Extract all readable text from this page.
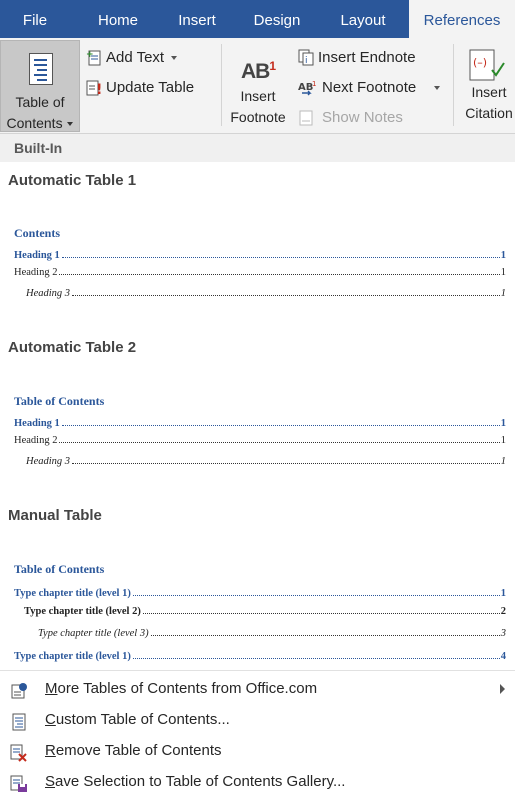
File	Home	Insert	Design	Layout	References
Table of
Contents
+ Add Text
! Update Table
$AB^1$
Insert
Footnote
i Insert Endnote
AB
1 Next Footnote
Show Notes
(–)
Insert
Citation
Built-In
Automatic Table 1
Contents
Heading 1	1
Heading 2	1
Heading 3	1
Automatic Table 2
Table of Contents
Heading 1	1
Heading 2	1
Heading 3	1
Manual Table
Table of Contents
Type chapter title (level 1)	1
Type chapter title (level 2)	2
Type chapter title (level 3)	3
Type chapter title (level 1)	4
More Tables of Contents from Office.com
Custom Table of Contents...
Remove Table of Contents
Save Selection to Table of Contents Gallery...
